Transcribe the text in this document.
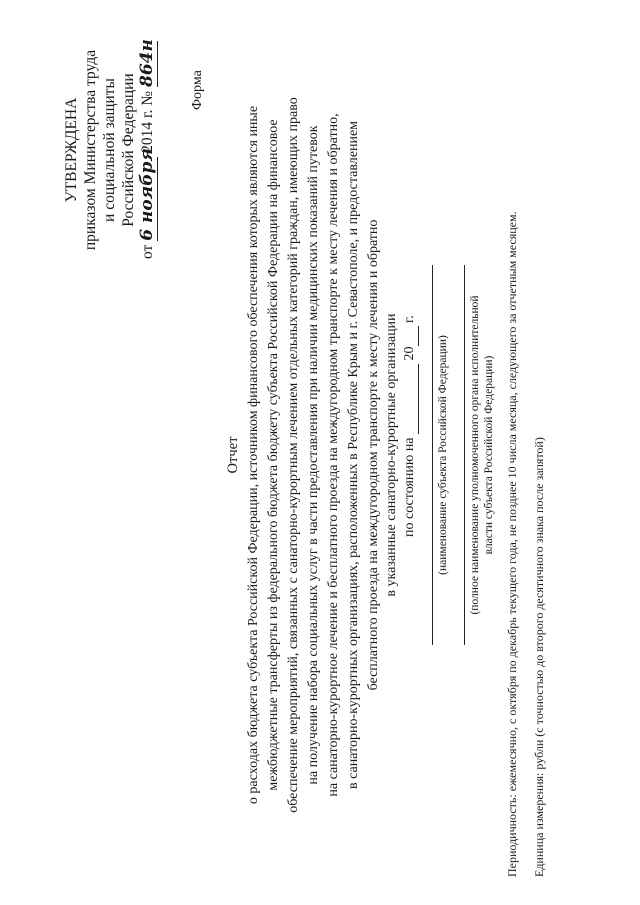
УТВЕРЖДЕНА приказом Министерства труда и социальной защиты Российской Федерации
от 6 ноября 2014 г. № 864н
Форма
Отчет о расходах бюджета субъекта Российской Федерации, источником финансового обеспечения которых являются иные межбюджетные трансферты из федерального бюджета бюджету субъекта Российской Федерации на финансовое обеспечение мероприятий, связанных с санаторно-курортным лечением отдельных категорий граждан, имеющих право на получение набора социальных услуг в части предоставления при наличии медицинских показаний путевок на санаторно-курортное лечение и бесплатного проезда на междугородном транспорте к месту лечения и обратно, в санаторно-курортных организациях, расположенных в Республике Крым и г. Севастополе, и предоставлением бесплатного проезда на междугородном транспорте к месту лечения и обратно в указанные санаторно-курортные организации по состоянию на  20 г.
(наименование субъекта Российской Федерации) (полное наименование уполномоченного органа исполнительной власти субъекта Российской Федерации) Периодичность: ежемесячно, с октября по декабрь текущего года, не позднее 10 числа месяца, следующего за отчетным месяцем. Единица измерения: рубли (с точностью до второго десятичного знака после запятой)
